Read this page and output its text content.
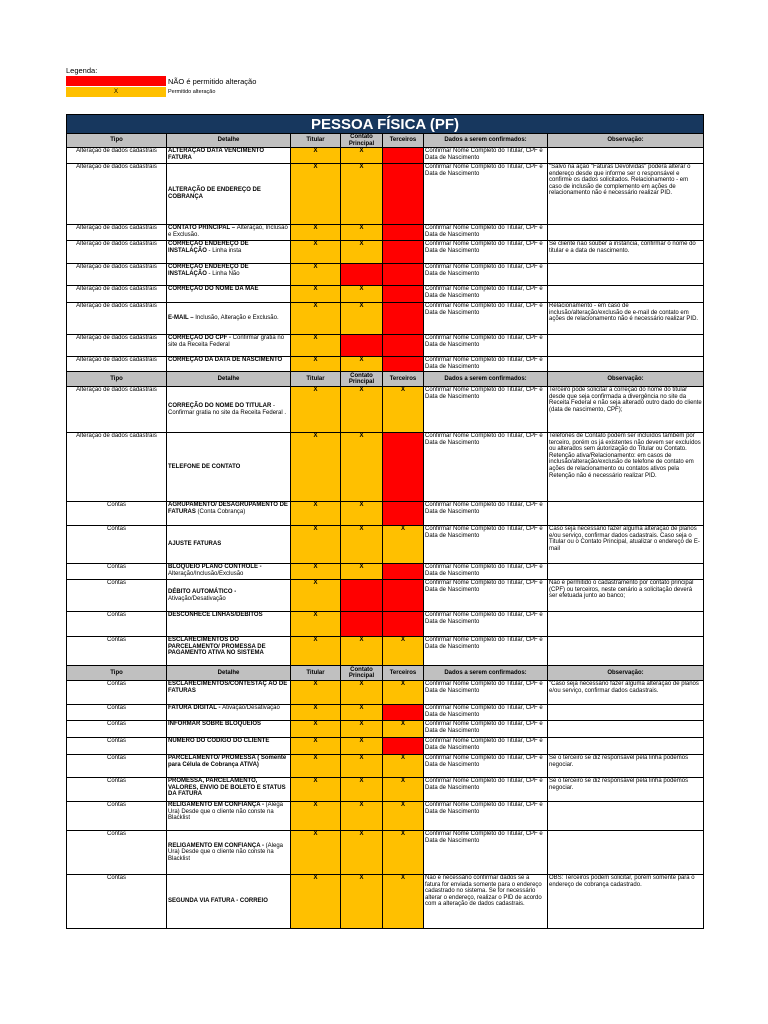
Legenda:
NÃO é permitido alteração
X	Permitido alteração
PESSOA FÍSICA (PF)						
Tipo	Detalhe	Titular	Contato Principal	Terceiros	Dados a serem confirmados:	Observação:
Alteração de dados cadastrais	ALTERAÇÃO DATA VENCIMENTO FATURA	X	X		Confirmar Nome Completo do Titular, CPF e Data de Nascimento	
Alteração de dados cadastrais	ALTERAÇÃO DE ENDEREÇO DE COBRANÇA	X	X		Confirmar Nome Completo do Titular, CPF e Data de Nascimento	"Salvo na ação "Faturas Devolvidas" poderá alterar o endereço desde que informe ser o responsável e confirme os dados solicitados. Relacionamento - em caso de inclusão de complemento em ações de relacionamento não é necessário realizar PID.
Alteração de dados cadastrais	CONTATO PRINCIPAL – Alteração, Inclusão e Exclusão.	X	X		Confirmar Nome Completo do Titular, CPF e Data de Nascimento	
Alteração de dados cadastrais	CORREÇÃO ENDEREÇO DE INSTALAÇÃO - Linha insta	X	X		Confirmar Nome Completo do Titular, CPF e Data de Nascimento	Se cliente não souber a instância, confirmar o nome do titular e a data de nascimento.
Alteração de dados cadastrais	CORREÇÃO ENDEREÇO DE INSTALAÇÃO - Linha Não	X			Confirmar Nome Completo do Titular, CPF e Data de Nascimento	
Alteração de dados cadastrais	CORREÇÃO DO NOME DA MÃE	X	X		Confirmar Nome Completo do Titular, CPF e Data de Nascimento	
Alteração de dados cadastrais	E-MAIL – Inclusão, Alteração e Exclusão.	X	X		Confirmar Nome Completo do Titular, CPF e Data de Nascimento	Relacionamento - em caso de inclusão/alteração/exclusão de e-mail de contato em ações de relacionamento não é necessário realizar PID.
Alteração de dados cadastrais	CORREÇÃO DO CPF - Confirmar gratia no site da Receita Federal	X			Confirmar Nome Completo do Titular, CPF e Data de Nascimento	
Alteração de dados cadastrais	CORREÇÃO DA DATA DE NASCIMENTO	X	X		Confirmar Nome Completo do Titular, CPF e Data de Nascimento	
Tipo	Detalhe	Titular	Contato Principal	Terceiros	Dados a serem confirmados:	Observação:
Alteração de dados cadastrais	CORREÇÃO DO NOME DO TITULAR - Confirmar gratia no site da Receita Federal .	X	X	X	Confirmar Nome Completo do Titular, CPF e Data de Nascimento	Terceiro pode solicitar a correção do nome do titular desde que seja confirmada a divergência no site da Receita Federal e não seja alterado outro dado do cliente (data de nascimento, CPF);
Alteração de dados cadastrais	TELEFONE DE CONTATO	X	X		Confirmar Nome Completo do Titular, CPF e Data de Nascimento	Telefones de Contato podem ser incluídos também por terceiro, porém os já existentes não devem ser excluídos ou alterados sem autorização do Titular ou Contato. Retenção ativa/Relacionamento: em casos de inclusão/alteração/exclusão de telefone de contato em ações de relacionamento ou contatos ativos pela Retenção não é necessário realizar PID.
Contas	AGRUPAMENTO/ DESAGRUPAMENTO DE FATURAS (Conta Cobrança)	X	X		Confirmar Nome Completo do Titular, CPF e Data de Nascimento	
Contas	AJUSTE FATURAS	X	X	X	Confirmar Nome Completo do Titular, CPF e Data de Nascimento	Caso seja necessário fazer alguma alteração de planos e/ou serviço, confirmar dados cadastrais. Caso seja o Titular ou o Contato Principal, atualizar o endereço de E-mail
Contas	BLOQUEIO PLANO CONTROLE - Alteração/Inclusão/Exclusão	X	X		Confirmar Nome Completo do Titular, CPF e Data de Nascimento	
Contas	DÉBITO AUTOMÁTICO - Ativação/Desativação	X			Confirmar Nome Completo do Titular, CPF e Data de Nascimento	Não é permitido o cadastramento por contato principal (CPF) ou terceiros, neste cenário a solicitação deverá ser efetuada junto ao banco;
Contas	DESCONHECE LINHAS/DÉBITOS	X			Confirmar Nome Completo do Titular, CPF e Data de Nascimento	
Contas	ESCLARECIMENTOS DO PARCELAMENTO/ PROMESSA DE PAGAMENTO ATIVA NO SISTEMA	X	X	X	Confirmar Nome Completo do Titular, CPF e Data de Nascimento	
Tipo	Detalhe	Titular	Contato Principal	Terceiros	Dados a serem confirmados:	Observação:
Contas	ESCLARECIMENTOS/CONTESTAÇ AO DE FATURAS	X	X	X	Confirmar Nome Completo do Titular, CPF e Data de Nascimento	"Caso seja necessário fazer alguma alteração de planos e/ou serviço, confirmar dados cadastrais.
Contas	FATURA DIGITAL - Ativação/Desativação	X	X		Confirmar Nome Completo do Titular, CPF e Data de Nascimento	
Contas	INFORMAR SOBRE BLOQUEIOS	X	X	X	Confirmar Nome Completo do Titular, CPF e Data de Nascimento	
Contas	NUMERO DO CODIGO DO CLIENTE	X	X		Confirmar Nome Completo do Titular, CPF e Data de Nascimento	
Contas	PARCELAMENTO/ PROMESSA ( Somente para Célula de Cobrança ATIVA)	X	X	X	Confirmar Nome Completo do Titular, CPF e Data de Nascimento	Se o terceiro se diz responsável pela linha podemos negociar.
Contas	PROMESSA, PARCELAMENTO, VALORES, ENVIO DE BOLETO E STATUS DA FATURA	X	X	X	Confirmar Nome Completo do Titular, CPF e Data de Nascimento	Se o terceiro se diz responsável pela linha podemos negociar.
Contas	RELIGAMENTO EM CONFIANÇA - (Alega Ura) Desde que o cliente não conste na Blacklist	X	X	X	Confirmar Nome Completo do Titular, CPF e Data de Nascimento	
Contas	RELIGAMENTO EM CONFIANÇA - (Alega Ura) Desde que o cliente não conste na Blacklist	X	X	X	Confirmar Nome Completo do Titular, CPF e Data de Nascimento	
Contas	SEGUNDA VIA FATURA - CORREIO	X	X	X	Não é necessário confirmar dados se a fatura for enviada somente para o endereço cadastrado no sistema. Se for necessário alterar o endereço, realizar o PID de acordo com a alteração de dados cadastrais.	OBS: Terceiros podem solicitar, porém somente para o endereço de cobrança cadastrado.
